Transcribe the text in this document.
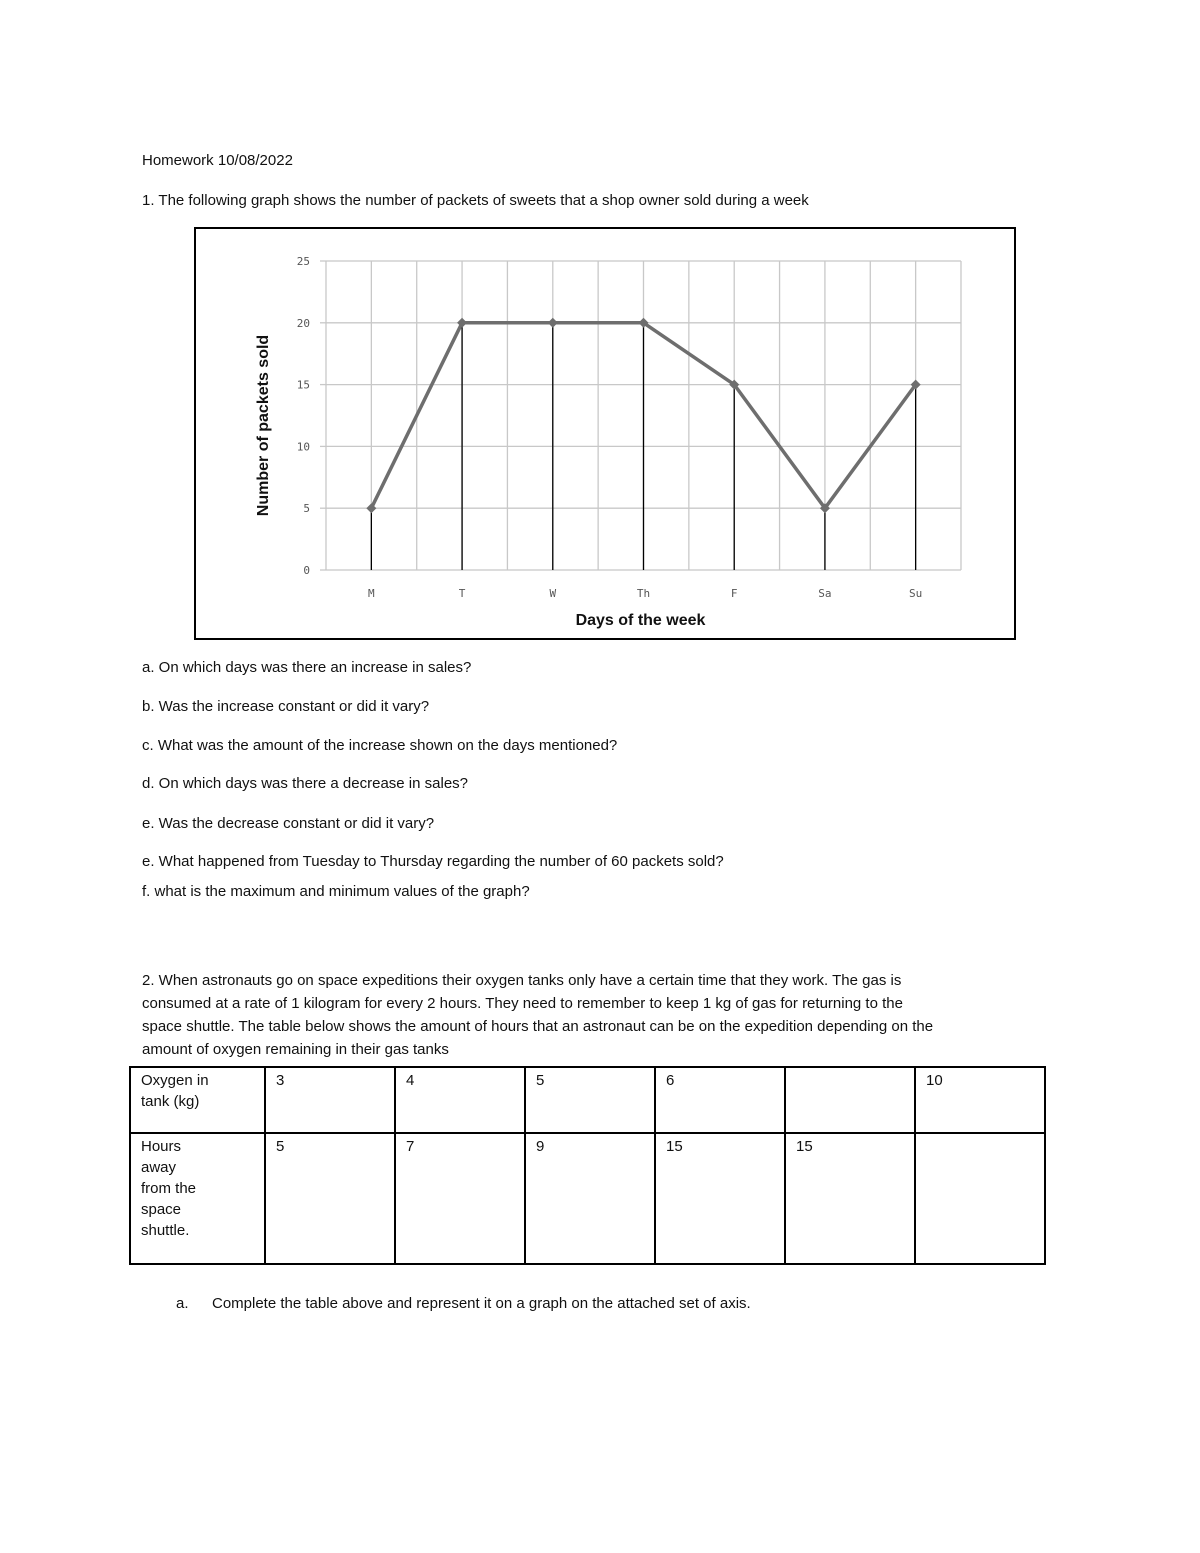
Homework 10/08/2022
1. The following graph shows the number of packets of sweets that a shop owner sold during a week
0
5
10
15
20
25
M	T	W	Th	F	Sa	Su
Days of the week
Number of packets sold
a. On which days was there an increase in sales?
b. Was the increase constant or did it vary?
c. What was the amount of the increase shown on the days mentioned?
d. On which days was there a decrease in sales?
e. Was the decrease constant or did it vary?
e. What happened from Tuesday to Thursday regarding the number of 60 packets sold?
f. what is the maximum and minimum values of the graph?
2. When astronauts go on space expeditions their oxygen tanks only have a certain time that they work. The gas is
consumed at a rate of 1 kilogram for every 2 hours. They need to remember to keep 1 kg of gas for returning to the
space shuttle. The table below shows the amount of hours that an astronaut can be on the expedition depending on the
amount of oxygen remaining in their gas tanks
Oxygen in tank (kg)	3	4	5	6		10

Hours away from the space shuttle.	5	7	9	15	15	
a. Complete the table above and represent it on a graph on the attached set of axis.
